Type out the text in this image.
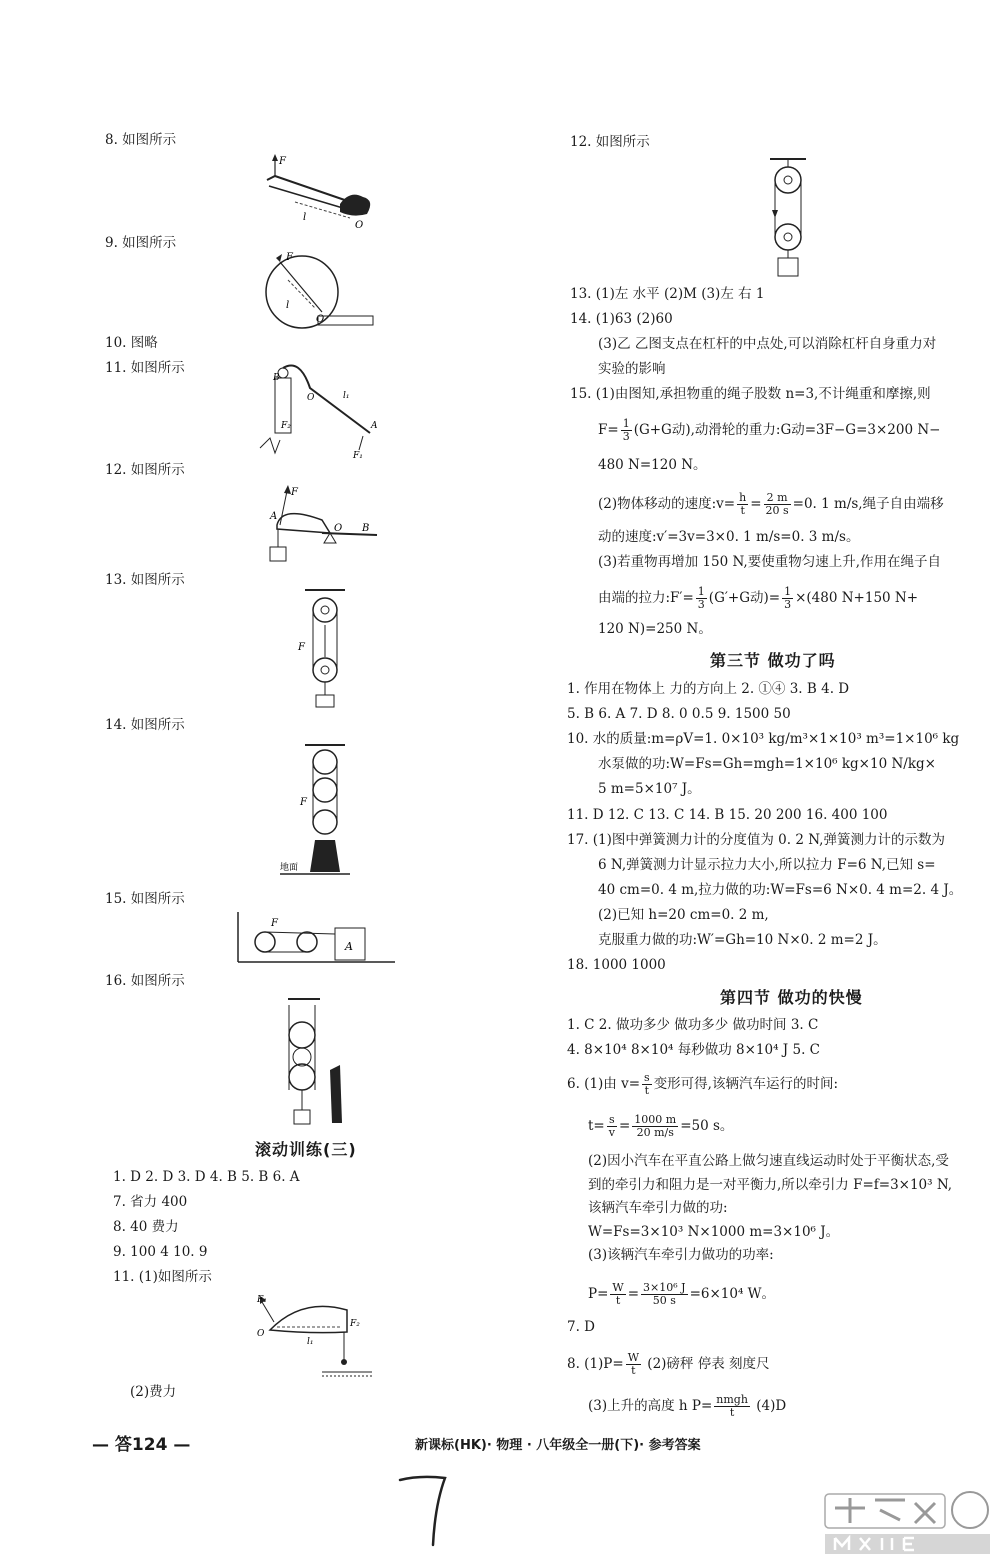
8. 如图所示
F
l
O
9. 如图所示
F
l
O
10. 图略
11. 如图所示
B
O	l₁
A
F₂
F₁
12. 如图所示
F
A
O B
13. 如图所示
F
14. 如图所示
F
地面
15. 如图所示
F
A
16. 如图所示
滚动训练(三)
1. D 2. D 3. D 4. B 5. B 6. A
7. 省力 400
8. 40 费力
9. 100 4 10. 9
11. (1)如图所示
F₁
O
F₂
l₁
(2)费力
12. 如图所示
13. (1)左 水平 (2)M (3)左 右 1
14. (1)63 (2)60
(3)乙 乙图支点在杠杆的中点处,可以消除杠杆自身重力对
实验的影响
15. (1)由图知,承担物重的绳子股数 n=3,不计绳重和摩擦,则
$F= \frac{1}{3} (G+G$动),动滑轮的重力:G动=3F−G=3×200 N−
480 N=120 N。
(2)物体移动的速度:v= $\frac{h}{t} = \frac{2 m}{20 s} =0$. 1 m/s,绳子自由端移
动的速度:v′=3v=3×0. 1 m/s=0. 3 m/s。
(3)若重物再增加 150 N,要使重物匀速上升,作用在绳子自
由端的拉力:F′= $\frac{1}{3} (G'+G$动)= $\frac{1}{3} \times(480$ N+150 N+
120 N)=250 N。
第三节 做功了吗
1. 作用在物体上 力的方向上 2. ①④ 3. B 4. D
5. B 6. A 7. D 8. 0 0.5 9. 1500 50
10. 水的质量:m=ρV=1. 0×10³ kg/m³×1×10³ m³=1×10⁶ kg
水泵做的功:W=Fs=Gh=mgh=1×10⁶ kg×10 N/kg×
5 m=5×10⁷ J。
11. D 12. C 13. C 14. B 15. 20 200 16. 400 100
17. (1)图中弹簧测力计的分度值为 0. 2 N,弹簧测力计的示数为
6 N,弹簧测力计显示拉力大小,所以拉力 F=6 N,已知 s=
40 cm=0. 4 m,拉力做的功:W=Fs=6 N×0. 4 m=2. 4 J。
(2)已知 h=20 cm=0. 2 m,
克服重力做的功:W′=Gh=10 N×0. 2 m=2 J。
18. 1000 1000
第四节 做功的快慢
1. C 2. 做功多少 做功多少 做功时间 3. C
4. 8×10⁴ 8×10⁴ 每秒做功 8×10⁴ J 5. C
6. (1)由 $v= \frac{s}{t}$ 变形可得,该辆汽车运行的时间:
$t= \frac{s}{v} = \frac{1000 m}{20 m/s} =50$ s。
(2)因小汽车在平直公路上做匀速直线运动时处于平衡状态,受
到的牵引力和阻力是一对平衡力,所以牵引力 F=f=3×10³ N,
该辆汽车牵引力做的功:
W=Fs=3×10³ N×1000 m=3×10⁶ J。
(3)该辆汽车牵引力做功的功率:
$P= \frac{W}{t} = \frac{\text{3×10⁶ J}}{50 s} =6\times 10^4$ W。
7. D
8. $(1)P= \frac{W}{t} (2)$磅秤 停表 刻度尺
(3)上升的高度 h $P= \frac{\text{nmgh}}{t} (4)D$
— 答124 —	新课标(HK)· 物理 · 八年级全一册(下)· 参考答案
